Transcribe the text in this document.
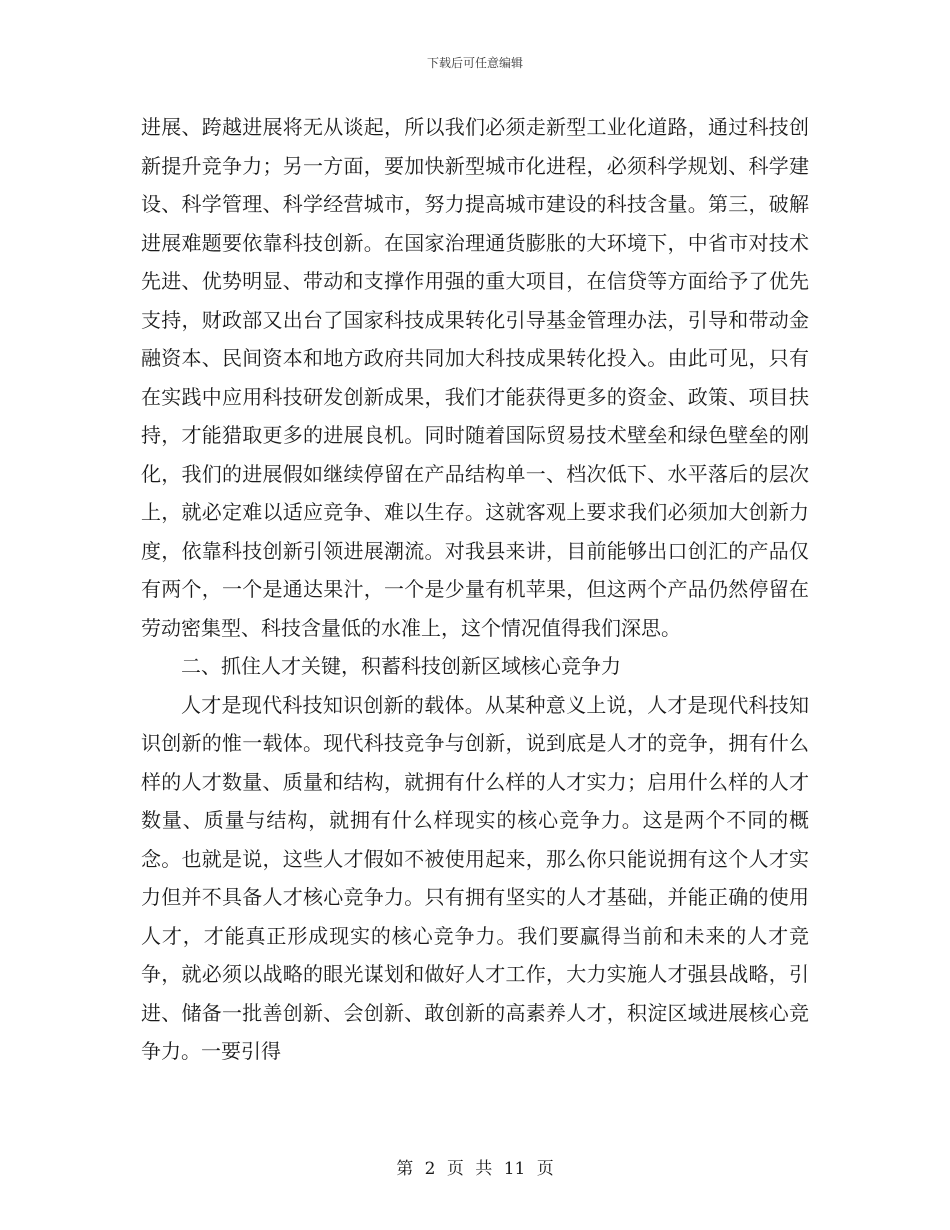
下载后可任意编辑

进展、跨越进展将无从谈起，所以我们必须走新型工业化道路，通过科技创新提升竞争力；另一方面，要加快新型城市化进程，必须科学规划、科学建设、科学管理、科学经营城市，努力提高城市建设的科技含量。第三，破解进展难题要依靠科技创新。在国家治理通货膨胀的大环境下，中省市对技术先进、优势明显、带动和支撑作用强的重大项目，在信贷等方面给予了优先支持，财政部又出台了国家科技成果转化引导基金管理办法，引导和带动金融资本、民间资本和地方政府共同加大科技成果转化投入。由此可见，只有在实践中应用科技研发创新成果，我们才能获得更多的资金、政策、项目扶持，才能猎取更多的进展良机。同时随着国际贸易技术壁垒和绿色壁垒的刚化，我们的进展假如继续停留在产品结构单一、档次低下、水平落后的层次上，就必定难以适应竞争、难以生存。这就客观上要求我们必须加大创新力度，依靠科技创新引领进展潮流。对我县来讲，目前能够出口创汇的产品仅有两个，一个是通达果汁，一个是少量有机苹果，但这两个产品仍然停留在劳动密集型、科技含量低的水准上，这个情况值得我们深思。

二、抓住人才关键，积蓄科技创新区域核心竞争力

人才是现代科技知识创新的载体。从某种意义上说，人才是现代科技知识创新的惟一载体。现代科技竞争与创新，说到底是人才的竞争，拥有什么样的人才数量、质量和结构，就拥有什么样的人才实力；启用什么样的人才数量、质量与结构，就拥有什么样现实的核心竞争力。这是两个不同的概念。也就是说，这些人才假如不被使用起来，那么你只能说拥有这个人才实力但并不具备人才核心竞争力。只有拥有坚实的人才基础，并能正确的使用人才，才能真正形成现实的核心竞争力。我们要赢得当前和未来的人才竞争，就必须以战略的眼光谋划和做好人才工作，大力实施人才强县战略，引进、储备一批善创新、会创新、敢创新的高素养人才，积淀区域进展核心竞争力。一要引得

第 2 页 共 11 页
